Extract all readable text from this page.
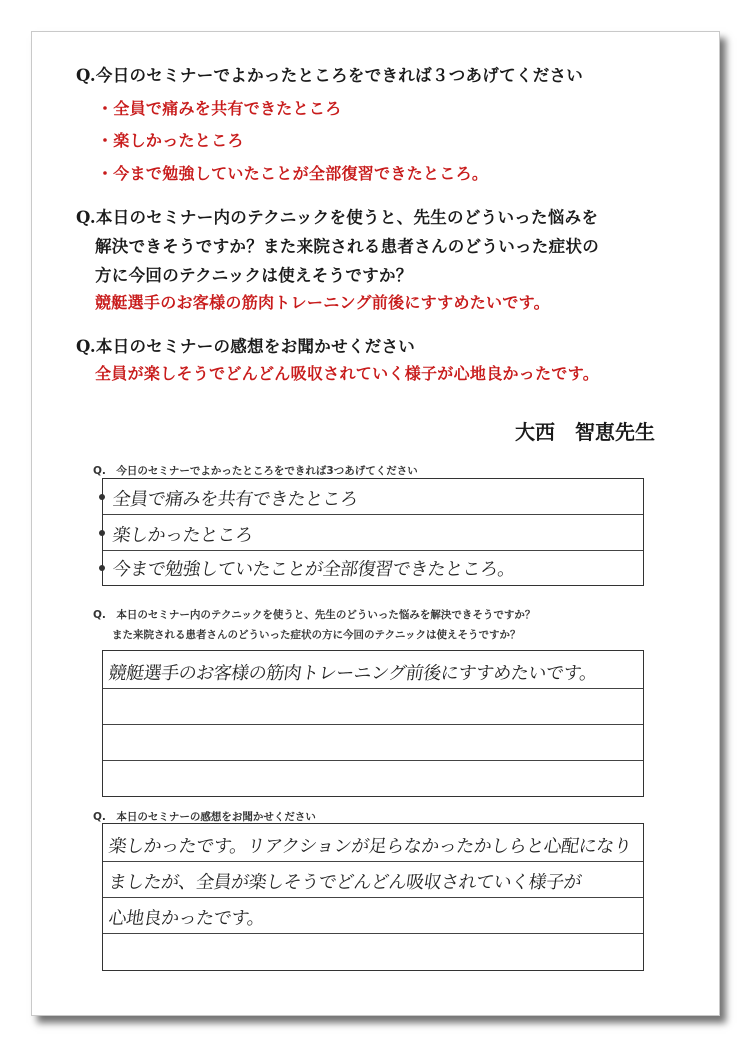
Q.今日のセミナーでよかったところをできれば３つあげてください
・全員で痛みを共有できたところ
・楽しかったところ
・今まで勉強していたことが全部復習できたところ。
Q.本日のセミナー内のテクニックを使うと、先生のどういった悩みを
解決できそうですか？また来院される患者さんのどういった症状の
方に今回のテクニックは使えそうですか？
競艇選手のお客様の筋肉トレーニング前後にすすめたいです。
Q.本日のセミナーの感想をお聞かせください
全員が楽しそうでどんどん吸収されていく様子が心地良かったです。
大西　智恵先生
Q.　今日のセミナーでよかったところをできれば3つあげてください
全員で痛みを共有できたところ
楽しかったところ
今まで勉強していたことが全部復習できたところ。
Q.　本日のセミナー内のテクニックを使うと、先生のどういった悩みを解決できそうですか？
また来院される患者さんのどういった症状の方に今回のテクニックは使えそうですか？
競艇選手のお客様の筋肉トレーニング前後にすすめたいです。
Q.　本日のセミナーの感想をお聞かせください
楽しかったです。リアクションが足らなかったかしらと心配になり
ましたが、全員が楽しそうでどんどん吸収されていく様子が
心地良かったです。
